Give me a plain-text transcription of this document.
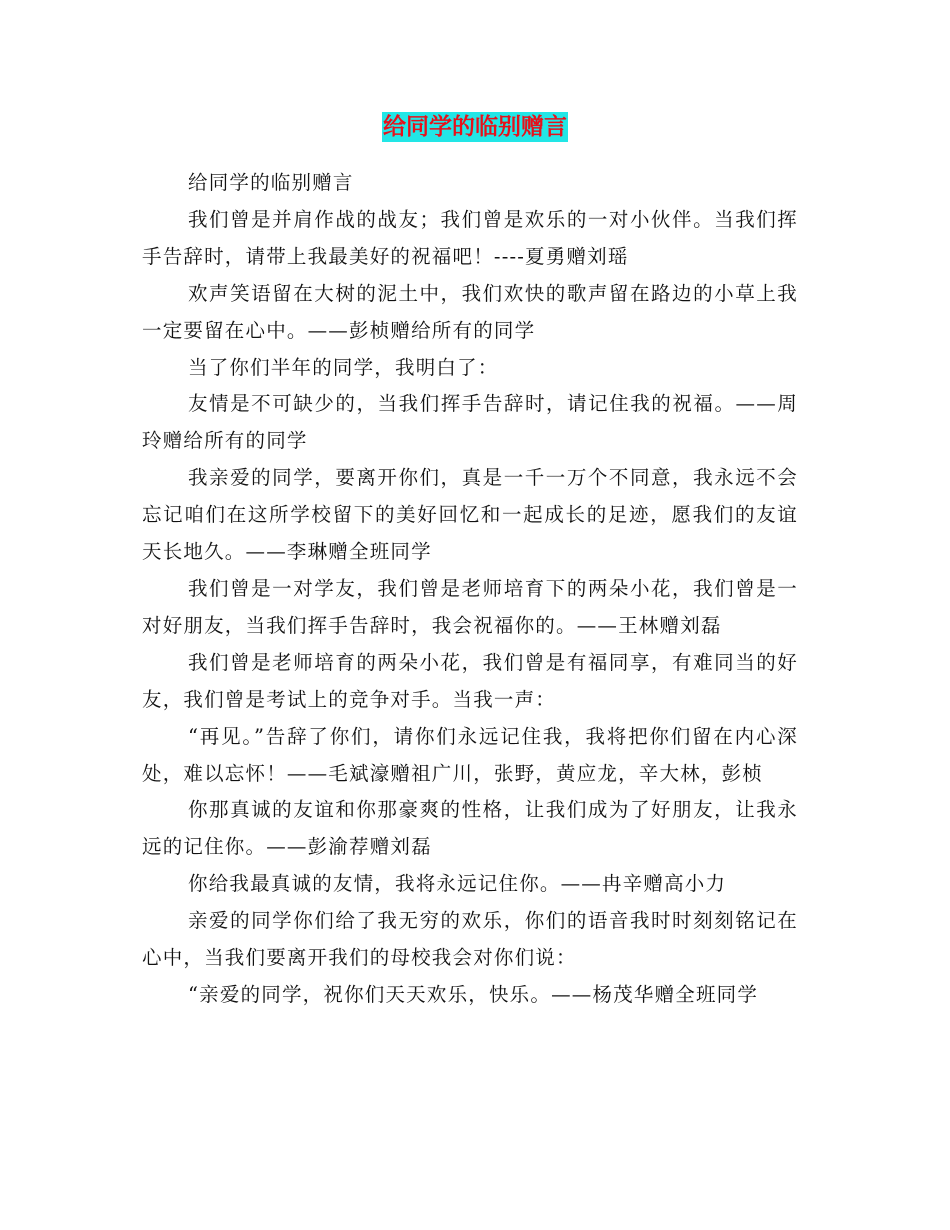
给同学的临别赠言

给同学的临别赠言

我们曾是并肩作战的战友；我们曾是欢乐的一对小伙伴。当我们挥手告辞时，请带上我最美好的祝福吧！----夏勇赠刘瑶

欢声笑语留在大树的泥土中，我们欢快的歌声留在路边的小草上我一定要留在心中。——彭桢赠给所有的同学

当了你们半年的同学，我明白了：

友情是不可缺少的，当我们挥手告辞时，请记住我的祝福。——周玲赠给所有的同学

我亲爱的同学，要离开你们，真是一千一万个不同意，我永远不会忘记咱们在这所学校留下的美好回忆和一起成长的足迹，愿我们的友谊天长地久。——李琳赠全班同学

我们曾是一对学友，我们曾是老师培育下的两朵小花，我们曾是一对好朋友，当我们挥手告辞时，我会祝福你的。——王林赠刘磊

我们曾是老师培育的两朵小花，我们曾是有福同享，有难同当的好友，我们曾是考试上的竞争对手。当我一声：

“再见。”告辞了你们，请你们永远记住我，我将把你们留在内心深处，难以忘怀！——毛斌濠赠祖广川，张野，黄应龙，辛大林，彭桢

你那真诚的友谊和你那豪爽的性格，让我们成为了好朋友，让我永远的记住你。——彭渝荐赠刘磊

你给我最真诚的友情，我将永远记住你。——冉辛赠高小力

亲爱的同学你们给了我无穷的欢乐，你们的语音我时时刻刻铭记在心中，当我们要离开我们的母校我会对你们说：

“亲爱的同学，祝你们天天欢乐，快乐。——杨茂华赠全班同学
